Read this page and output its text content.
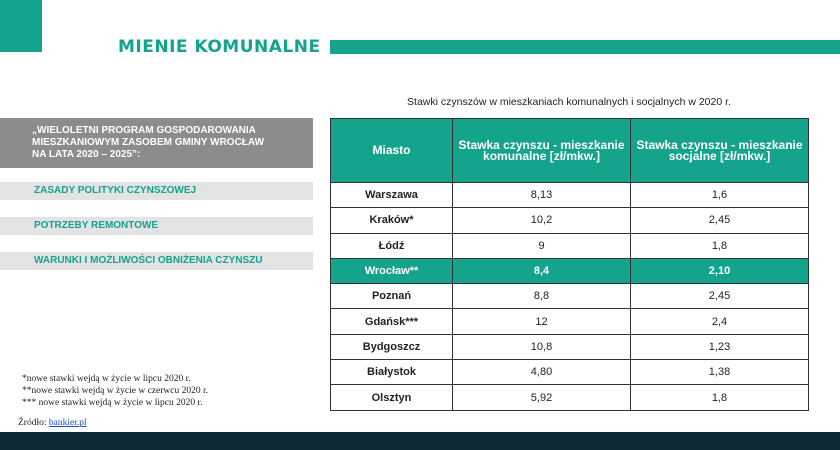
MIENIE KOMUNALNE
Stawki czynszów w mieszkaniach komunalnych i socjalnych w 2020 r.
„WIELOLETNI PROGRAM GOSPODAROWANIA
MIESZKANIOWYM ZASOBEM GMINY WROCŁAW
NA LATA 2020 – 2025”:
ZASADY POLITYKI CZYNSZOWEJ
POTRZEBY REMONTOWE
WARUNKI I MOŻLIWOŚCI OBNIŻENIA CZYNSZU
Miasto	Stawka czynszu - mieszkanie komunalne [zł/mkw.]	Stawka czynszu - mieszkanie socjalne [zł/mkw.]
Warszawa	8,13	1,6
Kraków*	10,2	2,45
Łódź	9	1,8
Wrocław**	8,4	2,10
Poznań	8,8	2,45
Gdańsk***	12	2,4
Bydgoszcz	10,8	1,23
Białystok	4,80	1,38
Olsztyn	5,92	1,8
*nowe stawki wejdą w życie w lipcu 2020 r.
**nowe stawki wejdą w życie w czerwcu 2020 r.
*** nowe stawki wejdą w życie w lipcu 2020 r.
Źródło: bankier.pl
